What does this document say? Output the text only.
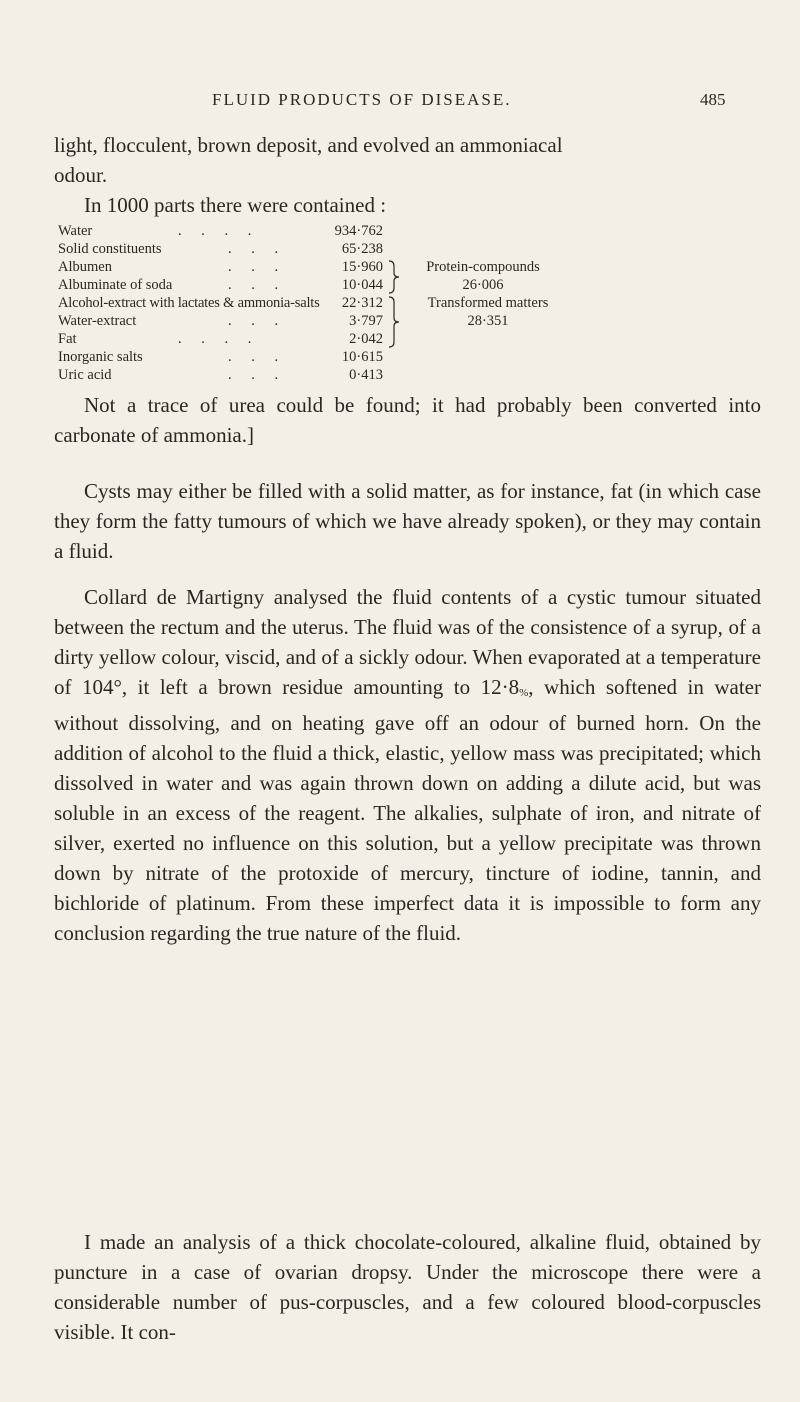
FLUID PRODUCTS OF DISEASE.	485

light, flocculent, brown deposit, and evolved an ammoniacal

odour.

In 1000 parts there were contained :

Water	. . . .	934·762
Solid constituents	. . .	65·238
Albumen	. . .	15·960
Albuminate of soda	. . .	10·044
Alcohol-extract with lactates & ammonia-salts	22·312
Water-extract	. . .	3·797
Fat	. . . .	2·042
Inorganic salts	. . .	10·615
Uric acid	. . .	0·413
Protein-compounds
26·006
Transformed matters
28·351

Not a trace of urea could be found; it had probably been converted into carbonate of ammonia.]

Cysts may either be filled with a solid matter, as for instance, fat (in which case they form the fatty tumours of which we have already spoken), or they may contain a fluid.

Collard de Martigny analysed the fluid contents of a cystic tumour situated between the rectum and the uterus. The fluid was of the consistence of a syrup, of a dirty yellow colour, viscid, and of a sickly odour. When evaporated at a temperature of 104°, it left a brown residue amounting to 12·8%, which softened in water without dissolving, and on heating gave off an odour of burned horn. On the addition of alcohol to the fluid a thick, elastic, yellow mass was precipitated; which dissolved in water and was again thrown down on adding a dilute acid, but was soluble in an excess of the reagent. The alkalies, sulphate of iron, and nitrate of silver, exerted no influence on this solution, but a yellow precipitate was thrown down by nitrate of the protoxide of mercury, tincture of iodine, tannin, and bichloride of platinum. From these imperfect data it is impossible to form any conclusion regarding the true nature of the fluid.

I made an analysis of a thick chocolate-coloured, alkaline fluid, obtained by puncture in a case of ovarian dropsy. Under the microscope there were a considerable number of pus-corpuscles, and a few coloured blood-corpuscles visible. It con-
